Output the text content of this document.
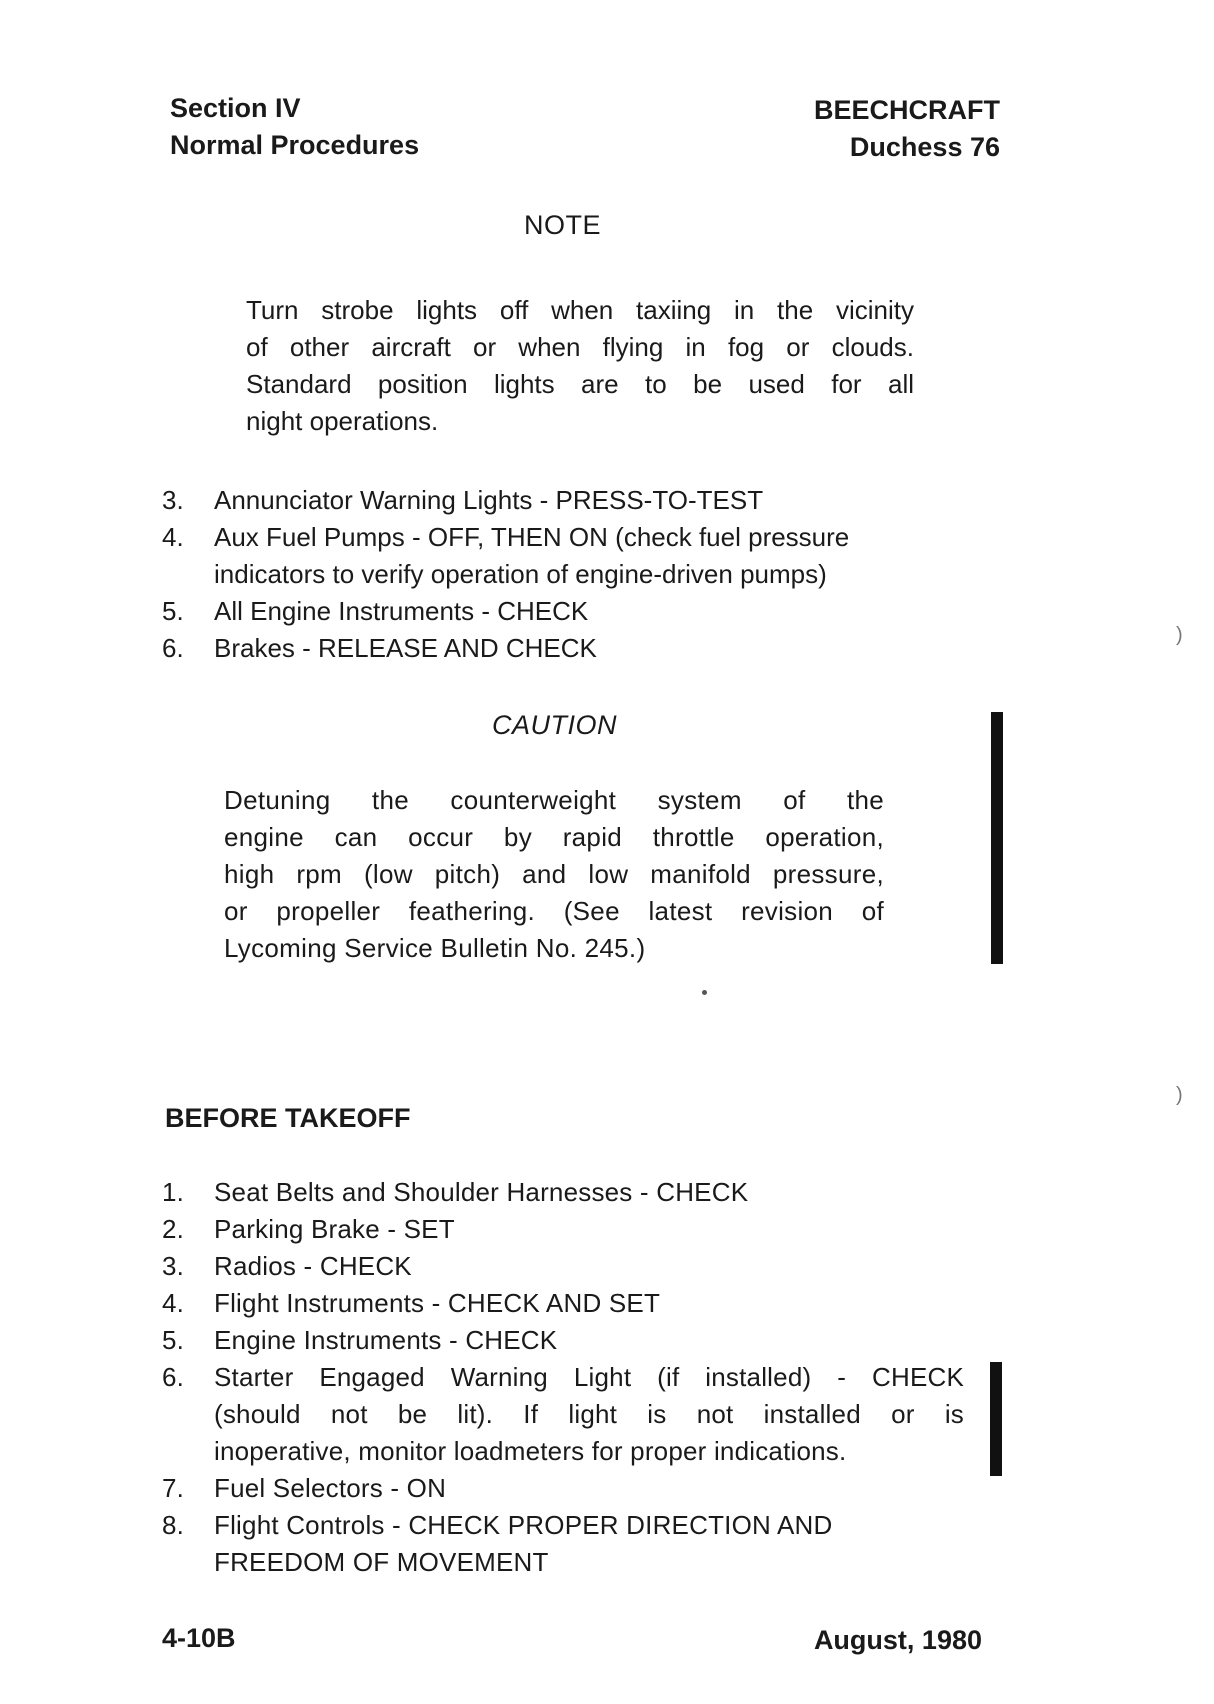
Section IV
Normal Procedures
BEECHCRAFT
Duchess 76
NOTE
Turn strobe lights off when taxiing in the vicinity
of other aircraft or when flying in fog or clouds.
Standard position lights are to be used for all
night operations.
3.	Annunciator Warning Lights - PRESS-TO-TEST
4.	Aux Fuel Pumps - OFF, THEN ON (check fuel pressure
indicators to verify operation of engine-driven pumps)
5.	All Engine Instruments - CHECK
6.	Brakes - RELEASE AND CHECK
CAUTION
Detuning the counterweight system of the
engine can occur by rapid throttle operation,
high rpm (low pitch) and low manifold pressure,
or propeller feathering. (See latest revision of
Lycoming Service Bulletin No. 245.)
BEFORE TAKEOFF
1.	Seat Belts and Shoulder Harnesses - CHECK
2.	Parking Brake - SET
3.	Radios - CHECK
4.	Flight Instruments - CHECK AND SET
5.	Engine Instruments - CHECK
6.	Starter Engaged Warning Light (if installed) - CHECK
(should not be lit). If light is not installed or is
inoperative, monitor loadmeters for proper indications.
7.	Fuel Selectors - ON
8.	Flight Controls - CHECK PROPER DIRECTION AND
FREEDOM OF MOVEMENT
)
)
4-10B	August, 1980
